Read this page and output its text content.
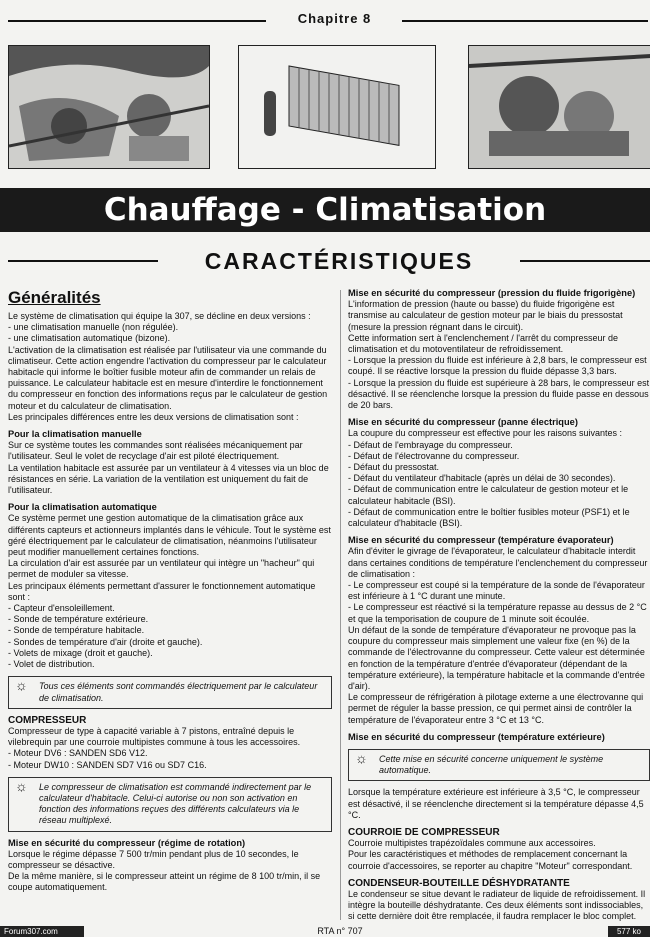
Chapitre 8
Chauffage - Climatisation
CARACTÉRISTIQUES
Généralités

Le système de climatisation qui équipe la 307, se décline en deux versions :

- une climatisation manuelle (non régulée).

- une climatisation automatique (bizone).

L'activation de la climatisation est réalisée par l'utilisateur via une commande du climatiseur. Cette action engendre l'activation du compresseur par le calculateur habitacle qui informe le boîtier fusible moteur afin de commander un relais de puissance. Le calculateur habitacle est en mesure d'interdire le fonctionnement du compresseur en fonction des informations reçus par le calculateur de gestion moteur et du calculateur de climatisation.

Les principales différences entre les deux versions de climatisation sont :

Pour la climatisation manuelle

Sur ce système toutes les commandes sont réalisées mécaniquement par l'utilisateur. Seul le volet de recyclage d'air est piloté électriquement.

La ventilation habitacle est assurée par un ventilateur à 4 vitesses via un bloc de résistances en série. La variation de la ventilation est uniquement du fait de l'utilisateur.

Pour la climatisation automatique

Ce système permet une gestion automatique de la climatisation grâce aux différents capteurs et actionneurs implantés dans le véhicule. Tout le système est géré électriquement par le calculateur de climatisation, néanmoins l'utilisateur peut modifier manuellement certaines fonctions.

La circulation d'air est assurée par un ventilateur qui intègre un "hacheur" qui permet de moduler sa vitesse.

Les principaux éléments permettant d'assurer le fonctionnement automatique sont :

- Capteur d'ensoleillement.

- Sonde de température extérieure.

- Sonde de température habitacle.

- Sondes de température d'air (droite et gauche).

- Volets de mixage (droit et gauche).

- Volet de distribution.

☼ Tous ces éléments sont commandés électriquement par le calculateur de climatisation.
COMPRESSEUR

Compresseur de type à capacité variable à 7 pistons, entraîné depuis le vilebrequin par une courroie multipistes commune à tous les accessoires.

- Moteur DV6 : SANDEN SD6 V12.

- Moteur DW10 : SANDEN SD7 V16 ou SD7 C16.

☼ Le compresseur de climatisation est commandé indirectement par le calculateur d'habitacle. Celui-ci autorise ou non son activation en fonction des informations reçues des différents calculateurs via le réseau multiplexé.
Mise en sécurité du compresseur (régime de rotation)

Lorsque le régime dépasse 7 500 tr/min pendant plus de 10 secondes, le compresseur se désactive.

De la même manière, si le compresseur atteint un régime de 8 100 tr/min, il se coupe automatiquement.

Mise en sécurité du compresseur (pression du fluide frigorigène)

L'information de pression (haute ou basse) du fluide frigorigène est transmise au calculateur de gestion moteur par le biais du pressostat (mesure la pression régnant dans le circuit).

Cette information sert à l'enclenchement / l'arrêt du compresseur de climatisation et du motoventilateur de refroidissement.

- Lorsque la pression du fluide est inférieure à 2,8 bars, le compresseur est coupé. Il se réactive lorsque la pression du fluide dépasse 3,3 bars.

- Lorsque la pression du fluide est supérieure à 28 bars, le compresseur est désactivé. Il se réenclenche lorsque la pression du fluide passe en dessous de 20 bars.

Mise en sécurité du compresseur (panne électrique)

La coupure du compresseur est effective pour les raisons suivantes :

- Défaut de l'embrayage du compresseur.

- Défaut de l'électrovanne du compresseur.

- Défaut du pressostat.

- Défaut du ventilateur d'habitacle (après un délai de 30 secondes).

- Défaut de communication entre le calculateur de gestion moteur et le calculateur habitacle (BSI).

- Défaut de communication entre le boîtier fusibles moteur (PSF1) et le calculateur d'habitacle (BSI).

Mise en sécurité du compresseur (température évaporateur)

Afin d'éviter le givrage de l'évaporateur, le calculateur d'habitacle interdit dans certaines conditions de température l'enclenchement du compresseur de climatisation :

- Le compresseur est coupé si la température de la sonde de l'évaporateur est inférieure à 1 °C durant une minute.

- Le compresseur est réactivé si la température repasse au dessus de 2 °C et que la temporisation de coupure de 1 minute soit écoulée.

Un défaut de la sonde de température d'évaporateur ne provoque pas la coupure du compresseur mais simplement une valeur fixe (en %) de la commande de l'électrovanne du compresseur. Cette valeur est déterminée en fonction de la température d'entrée d'évaporateur (dépendant de la température extérieure), la température habitacle et la commande d'entrée d'air).

Le compresseur de réfrigération à pilotage externe a une électrovanne qui permet de réguler la basse pression, ce qui permet ainsi de contrôler la température de l'évaporateur entre 3 °C et 13 °C.

Mise en sécurité du compresseur (température extérieure)
☼ Cette mise en sécurité concerne uniquement le système automatique.

Lorsque la température extérieure est inférieure à 3,5 °C, le compresseur est désactivé, il se réenclenche directement si la température dépasse 4,5 °C.

COURROIE DE COMPRESSEUR

Courroie multipistes trapézoïdales commune aux accessoires.

Pour les caractéristiques et méthodes de remplacement concernant la courroie d'accessoires, se reporter au chapitre "Moteur" correspondant.

CONDENSEUR-BOUTEILLE DÉSHYDRATANTE

Le condenseur se situe devant le radiateur de liquide de refroidissement. Il intègre la bouteille déshydratante. Ces deux éléments sont indissociables, si cette dernière doit être remplacée, il faudra remplacer le bloc complet.

Forum307.com	RTA n° 707	577 ko
